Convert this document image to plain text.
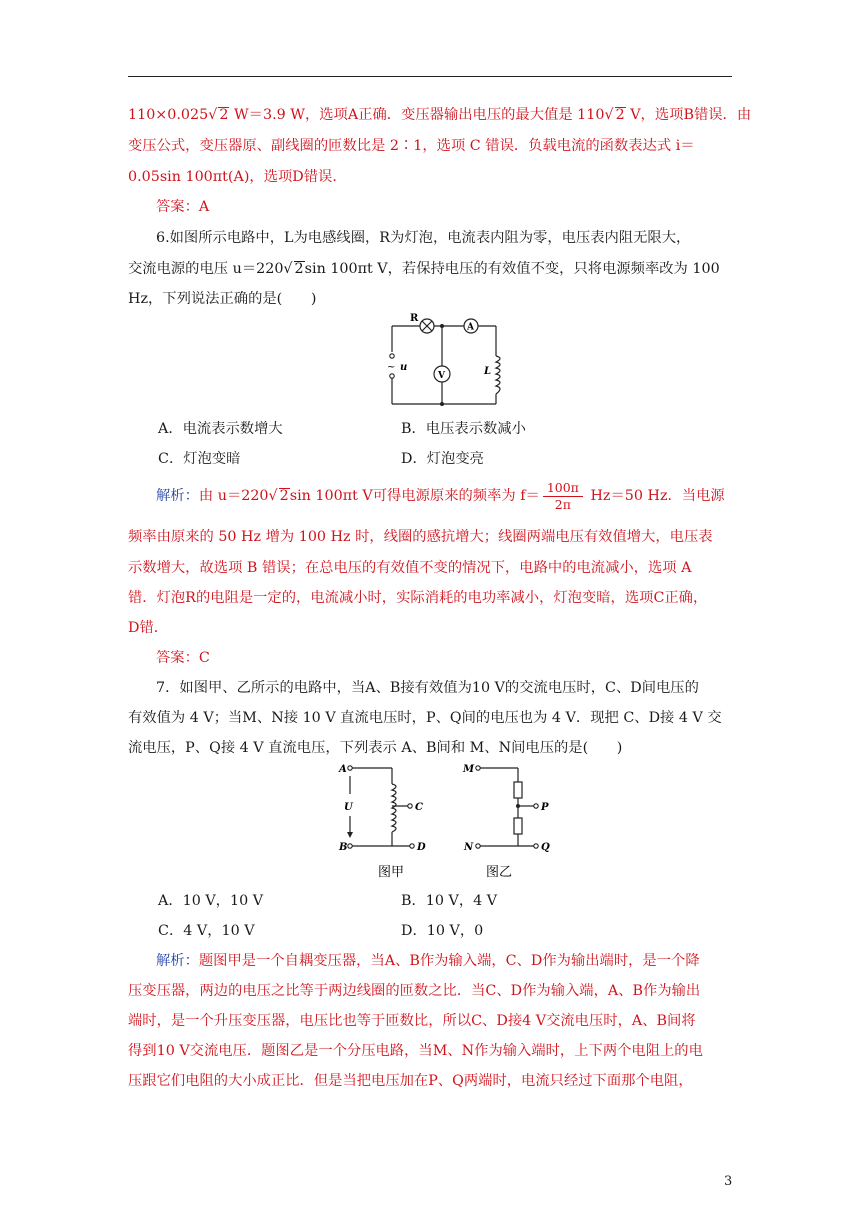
110×0.025√ 2 W＝3.9 W，选项A正确．变压器输出电压的最大值是 110√ 2 V，选项B错误．由
变压公式，变压器原、副线圈的匝数比是 2∶1，选项 C 错误．负载电流的函数表达式 i＝
0.05sin 100πt(A)，选项D错误．
答案：A
6.如图所示电路中，L为电感线圈，R为灯泡，电流表内阻为零，电压表内阻无限大，
交流电源的电压 u＝220√ 2sin 100πt V，若保持电压的有效值不变，只将电源频率改为 100
Hz，下列说法正确的是(　　)
R
A
V
~ u	L
A．电流表示数增大	B．电压表示数减小
C．灯泡变暗	D．灯泡变亮
解析：由 u＝220√ 2sin 100πt V可得电源原来的频率为 $f= \frac{100\pi}{2\pi} Hz=50$ Hz．当电源
频率由原来的 50 Hz 增为 100 Hz 时，线圈的感抗增大；线圈两端电压有效值增大，电压表
示数增大，故选项 B 错误；在总电压的有效值不变的情况下，电路中的电流减小，选项 A
错．灯泡R的电阻是一定的，电流减小时，实际消耗的电功率减小，灯泡变暗，选项C正确，
D错．
答案：C
7．如图甲、乙所示的电路中，当A、B接有效值为10 V的交流电压时，C、D间电压的
有效值为 4 V；当M、N接 10 V 直流电压时，P、Q间的电压也为 4 V．现把 C、D接 4 V 交
流电压，P、Q接 4 V 直流电压，下列表示 A、B间和 M、N间电压的是(　　)
A
B
U	C
D
图甲
M
N
P
Q
图乙
A．10 V，10 V	B．10 V，4 V
C．4 V，10 V	D．10 V，0
解析：题图甲是一个自耦变压器，当A、B作为输入端，C、D作为输出端时，是一个降
压变压器，两边的电压之比等于两边线圈的匝数之比．当C、D作为输入端，A、B作为输出
端时，是一个升压变压器，电压比也等于匝数比，所以C、D接4 V交流电压时，A、B间将
得到10 V交流电压．题图乙是一个分压电路，当M、N作为输入端时，上下两个电阻上的电
压跟它们电阻的大小成正比．但是当把电压加在P、Q两端时，电流只经过下面那个电阻，
3
